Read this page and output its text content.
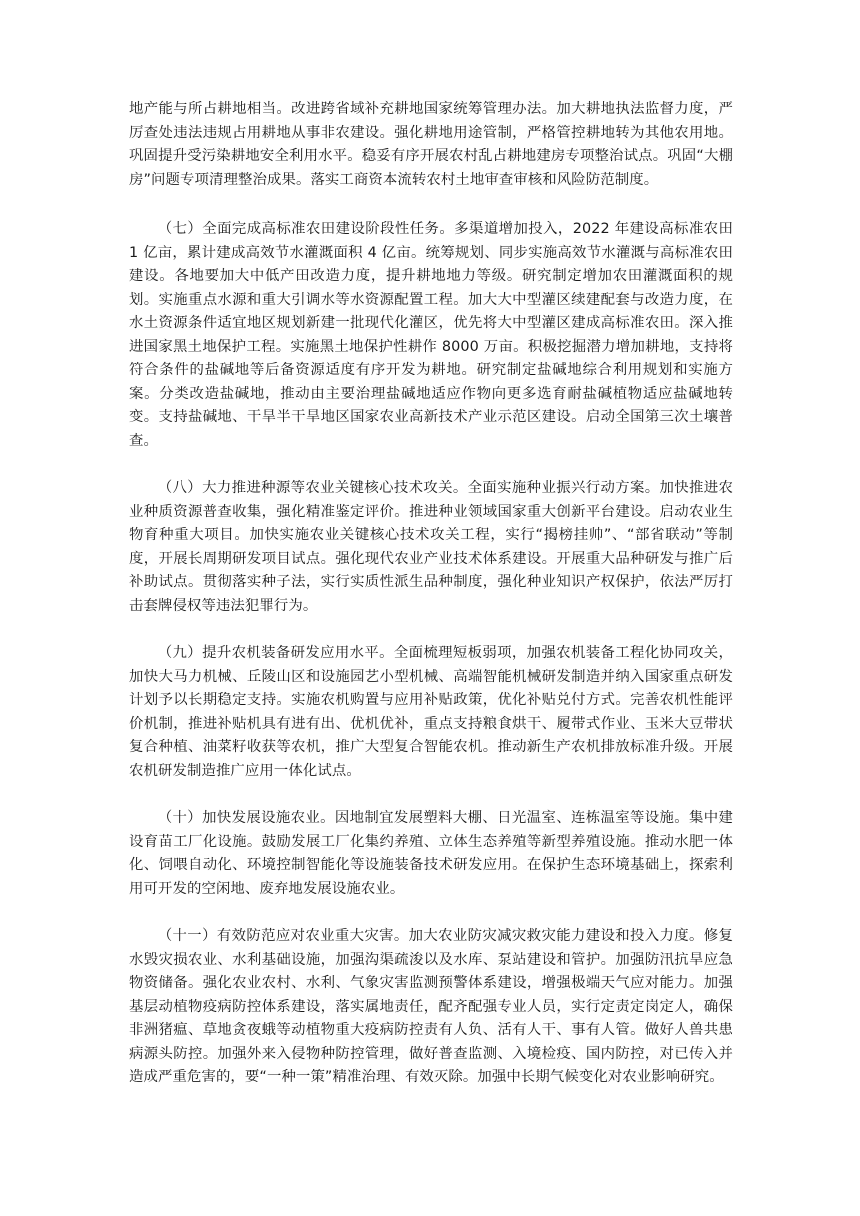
地产能与所占耕地相当。改进跨省域补充耕地国家统筹管理办法。加大耕地执法监督力度，严厉查处违法违规占用耕地从事非农建设。强化耕地用途管制，严格管控耕地转为其他农用地。巩固提升受污染耕地安全利用水平。稳妥有序开展农村乱占耕地建房专项整治试点。巩固“大棚房”问题专项清理整治成果。落实工商资本流转农村土地审查审核和风险防范制度。

（七）全面完成高标准农田建设阶段性任务。多渠道增加投入，2022 年建设高标准农田 1 亿亩，累计建成高效节水灌溉面积 4 亿亩。统筹规划、同步实施高效节水灌溉与高标准农田建设。各地要加大中低产田改造力度，提升耕地地力等级。研究制定增加农田灌溉面积的规划。实施重点水源和重大引调水等水资源配置工程。加大大中型灌区续建配套与改造力度，在水土资源条件适宜地区规划新建一批现代化灌区，优先将大中型灌区建成高标准农田。深入推进国家黑土地保护工程。实施黑土地保护性耕作 8000 万亩。积极挖掘潜力增加耕地，支持将符合条件的盐碱地等后备资源适度有序开发为耕地。研究制定盐碱地综合利用规划和实施方案。分类改造盐碱地，推动由主要治理盐碱地适应作物向更多选育耐盐碱植物适应盐碱地转变。支持盐碱地、干旱半干旱地区国家农业高新技术产业示范区建设。启动全国第三次土壤普查。

（八）大力推进种源等农业关键核心技术攻关。全面实施种业振兴行动方案。加快推进农业种质资源普查收集，强化精准鉴定评价。推进种业领域国家重大创新平台建设。启动农业生物育种重大项目。加快实施农业关键核心技术攻关工程，实行“揭榜挂帅”、“部省联动”等制度，开展长周期研发项目试点。强化现代农业产业技术体系建设。开展重大品种研发与推广后补助试点。贯彻落实种子法，实行实质性派生品种制度，强化种业知识产权保护，依法严厉打击套牌侵权等违法犯罪行为。

（九）提升农机装备研发应用水平。全面梳理短板弱项，加强农机装备工程化协同攻关，加快大马力机械、丘陵山区和设施园艺小型机械、高端智能机械研发制造并纳入国家重点研发计划予以长期稳定支持。实施农机购置与应用补贴政策，优化补贴兑付方式。完善农机性能评价机制，推进补贴机具有进有出、优机优补，重点支持粮食烘干、履带式作业、玉米大豆带状复合种植、油菜籽收获等农机，推广大型复合智能农机。推动新生产农机排放标准升级。开展农机研发制造推广应用一体化试点。

（十）加快发展设施农业。因地制宜发展塑料大棚、日光温室、连栋温室等设施。集中建设育苗工厂化设施。鼓励发展工厂化集约养殖、立体生态养殖等新型养殖设施。推动水肥一体化、饲喂自动化、环境控制智能化等设施装备技术研发应用。在保护生态环境基础上，探索利用可开发的空闲地、废弃地发展设施农业。

（十一）有效防范应对农业重大灾害。加大农业防灾减灾救灾能力建设和投入力度。修复水毁灾损农业、水利基础设施，加强沟渠疏浚以及水库、泵站建设和管护。加强防汛抗旱应急物资储备。强化农业农村、水利、气象灾害监测预警体系建设，增强极端天气应对能力。加强基层动植物疫病防控体系建设，落实属地责任，配齐配强专业人员，实行定责定岗定人，确保非洲猪瘟、草地贪夜蛾等动植物重大疫病防控责有人负、活有人干、事有人管。做好人兽共患病源头防控。加强外来入侵物种防控管理，做好普查监测、入境检疫、国内防控，对已传入并造成严重危害的，要“一种一策”精准治理、有效灭除。加强中长期气候变化对农业影响研究。
